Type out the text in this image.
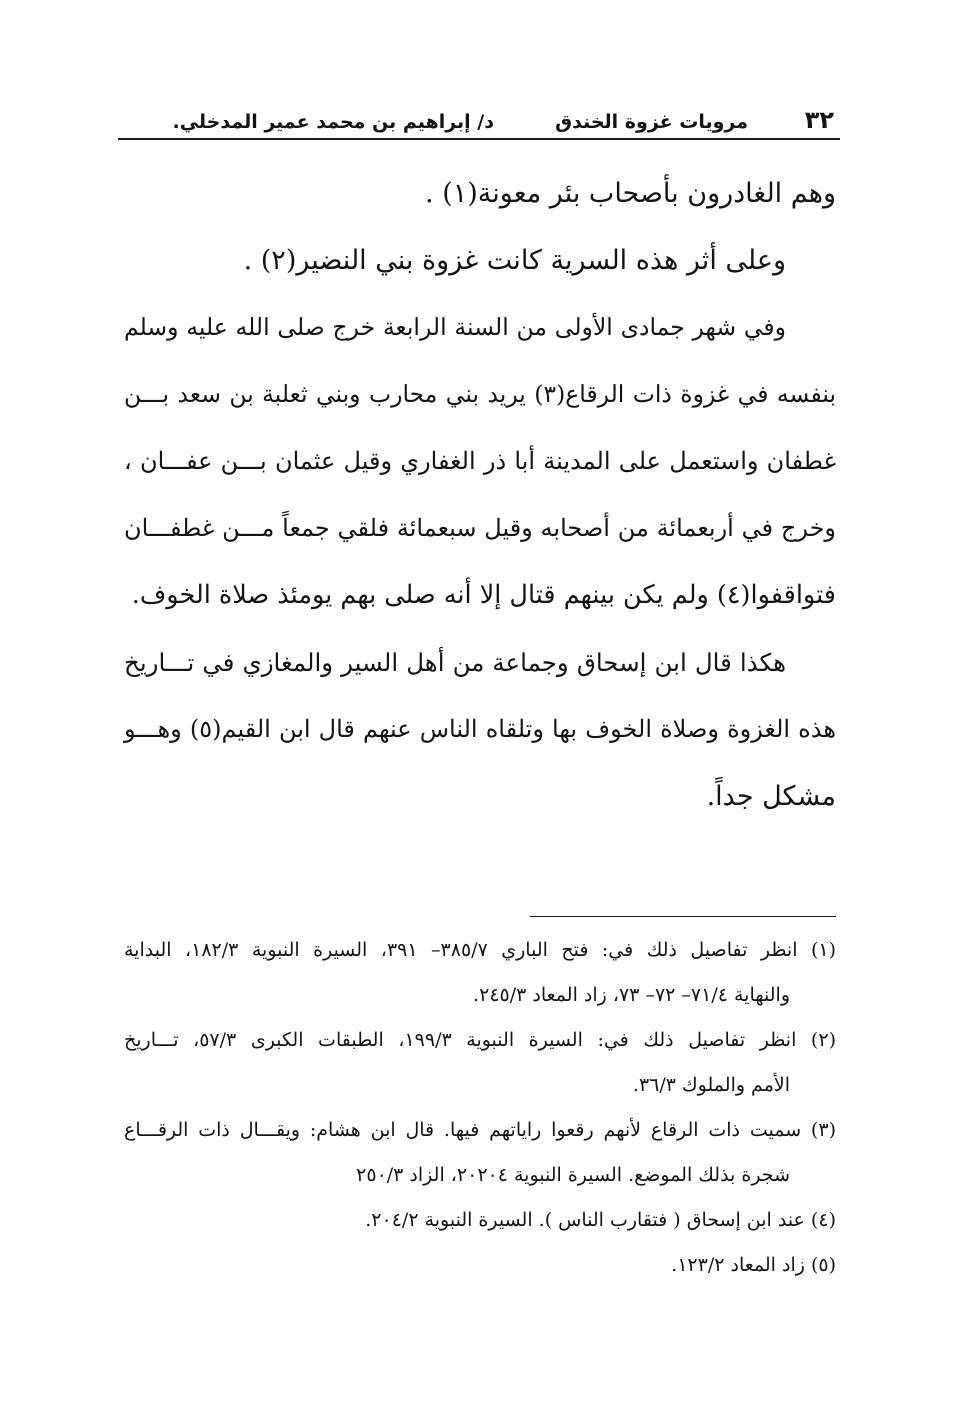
٣٢
مرويات غزوة الخندق
د/ إبراهيم بن محمد عمير المدخلي.

وهم الغادرون بأصحاب بئر معونة(١) .

وعلى أثر هذه السرية كانت غزوة بني النضير(٢) .

وفي شهر جمادى الأولى من السنة الرابعة خرج صلى الله عليه وسلم

بنفسه في غزوة ذات الرقاع(٣) يريد بني محارب وبني ثعلبة بن سعد بـــن

غطفان واستعمل على المدينة أبا ذر الغفاري وقيل عثمان بـــن عفـــان ،

وخرج في أربعمائة من أصحابه وقيل سبعمائة فلقي جمعاً مـــن غطفـــان

فتواقفوا(٤) ولم يكن بينهم قتال إلا أنه صلى بهم يومئذ صلاة الخوف.

هكذا قال ابن إسحاق وجماعة من أهل السير والمغازي في تـــاريخ

هذه الغزوة وصلاة الخوف بها وتلقاه الناس عنهم قال ابن القيم(٥) وهـــو

مشكل جداً.

(١) انظر تفاصيل ذلك في: فتح الباري ٣٨٥/٧– ٣٩١، السيرة النبوية ١٨٢/٣، البداية

والنهاية ٧١/٤– ٧٢– ٧٣، زاد المعاد ٢٤٥/٣.

(٢) انظر تفاصيل ذلك في: السيرة النبوية ١٩٩/٣، الطبقات الكبرى ٥٧/٣، تـــاريخ

الأمم والملوك ٣٦/٣.

(٣) سميت ذات الرقاع لأنهم رقعوا راياتهم فيها. قال ابن هشام: ويقـــال ذات الرقـــاع

شجرة بذلك الموضع. السيرة النبوية ٢٠٢٠٤، الزاد ٢٥٠/٣

(٤) عند ابن إسحاق ( فتقارب الناس ). السيرة النبوية ٢٠٤/٢.

(٥) زاد المعاد ١٢٣/٢.
